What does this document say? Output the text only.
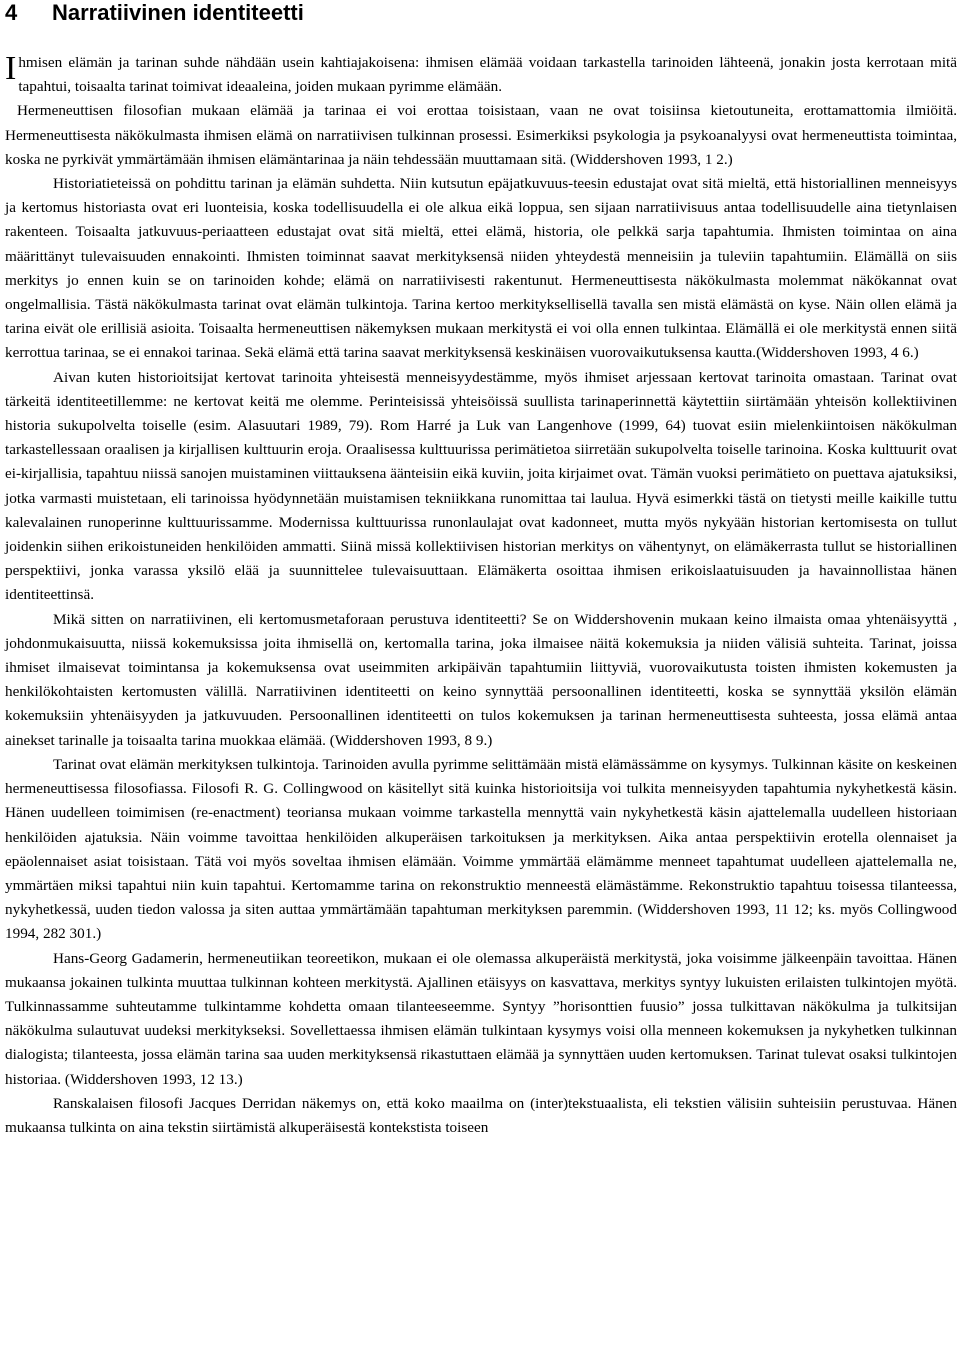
4 Narratiivinen identiteetti

Ihmisen elämän ja tarinan suhde nähdään usein kahtiajakoisena: ihmisen elämää voidaan tarkastella tarinoiden lähteenä, jonakin josta kerrotaan mitä tapahtui, toisaalta tarinat toimivat ideaaleina, joiden mukaan pyrimme elämään.

Hermeneuttisen filosofian mukaan elämää ja tarinaa ei voi erottaa toisistaan, vaan ne ovat toisiinsa kietoutuneita, erottamattomia ilmiöitä. Hermeneuttisesta näkökulmasta ihmisen elämä on narratiivisen tulkinnan prosessi. Esimerkiksi psykologia ja psykoanalyysi ovat hermeneuttista toimintaa, koska ne pyrkivät ymmärtämään ihmisen elämäntarinaa ja näin tehdessään muuttamaan sitä. (Widdershoven 1993, 1 2.)

Historiatieteissä on pohdittu tarinan ja elämän suhdetta. Niin kutsutun epäjatkuvuus-teesin edustajat ovat sitä mieltä, että historiallinen menneisyys ja kertomus historiasta ovat eri luonteisia, koska todellisuudella ei ole alkua eikä loppua, sen sijaan narratiivisuus antaa todellisuudelle aina tietynlaisen rakenteen. Toisaalta jatkuvuus-periaatteen edustajat ovat sitä mieltä, ettei elämä, historia, ole pelkkä sarja tapahtumia. Ihmisten toimintaa on aina määrittänyt tulevaisuuden ennakointi. Ihmisten toiminnat saavat merkityksensä niiden yhteydestä menneisiin ja tuleviin tapahtumiin. Elämällä on siis merkitys jo ennen kuin se on tarinoiden kohde; elämä on narratiivisesti rakentunut. Hermeneuttisesta näkökulmasta molemmat näkökannat ovat ongelmallisia. Tästä näkökulmasta tarinat ovat elämän tulkintoja. Tarina kertoo merkityksellisellä tavalla sen mistä elämästä on kyse. Näin ollen elämä ja tarina eivät ole erillisiä asioita. Toisaalta hermeneuttisen näkemyksen mukaan merkitystä ei voi olla ennen tulkintaa. Elämällä ei ole merkitystä ennen siitä kerrottua tarinaa, se ei ennakoi tarinaa. Sekä elämä että tarina saavat merkityksensä keskinäisen vuorovaikutuksensa kautta.(Widdershoven 1993, 4 6.)

Aivan kuten historioitsijat kertovat tarinoita yhteisestä menneisyydestämme, myös ihmiset arjessaan kertovat tarinoita omastaan. Tarinat ovat tärkeitä identiteetillemme: ne kertovat keitä me olemme. Perinteisissä yhteisöissä suullista tarinaperinnettä käytettiin siirtämään yhteisön kollektiivinen historia sukupolvelta toiselle (esim. Alasuutari 1989, 79). Rom Harré ja Luk van Langenhove (1999, 64) tuovat esiin mielenkiintoisen näkökulman tarkastellessaan oraalisen ja kirjallisen kulttuurin eroja. Oraalisessa kulttuurissa perimätietoa siirretään sukupolvelta toiselle tarinoina. Koska kulttuurit ovat ei-kirjallisia, tapahtuu niissä sanojen muistaminen viittauksena äänteisiin eikä kuviin, joita kirjaimet ovat. Tämän vuoksi perimätieto on puettava ajatuksiksi, jotka varmasti muistetaan, eli tarinoissa hyödynnetään muistamisen tekniikkana runomittaa tai laulua. Hyvä esimerkki tästä on tietysti meille kaikille tuttu kalevalainen runoperinne kulttuurissamme. Modernissa kulttuurissa runonlaulajat ovat kadonneet, mutta myös nykyään historian kertomisesta on tullut joidenkin siihen erikoistuneiden henkilöiden ammatti. Siinä missä kollektiivisen historian merkitys on vähentynyt, on elämäkerrasta tullut se historiallinen perspektiivi, jonka varassa yksilö elää ja suunnittelee tulevaisuuttaan. Elämäkerta osoittaa ihmisen erikoislaatuisuuden ja havainnollistaa hänen identiteettinsä.

Mikä sitten on narratiivinen, eli kertomusmetaforaan perustuva identiteetti? Se on Widdershovenin mukaan keino ilmaista omaa yhtenäisyyttä , johdonmukaisuutta, niissä kokemuksissa joita ihmisellä on, kertomalla tarina, joka ilmaisee näitä kokemuksia ja niiden välisiä suhteita. Tarinat, joissa ihmiset ilmaisevat toimintansa ja kokemuksensa ovat useimmiten arkipäivän tapahtumiin liittyviä, vuorovaikutusta toisten ihmisten kokemusten ja henkilökohtaisten kertomusten välillä. Narratiivinen identiteetti on keino synnyttää persoonallinen identiteetti, koska se synnyttää yksilön elämän kokemuksiin yhtenäisyyden ja jatkuvuuden. Persoonallinen identiteetti on tulos kokemuksen ja tarinan hermeneuttisesta suhteesta, jossa elämä antaa ainekset tarinalle ja toisaalta tarina muokkaa elämää. (Widdershoven 1993, 8 9.)

Tarinat ovat elämän merkityksen tulkintoja. Tarinoiden avulla pyrimme selittämään mistä elämässämme on kysymys. Tulkinnan käsite on keskeinen hermeneuttisessa filosofiassa. Filosofi R. G. Collingwood on käsitellyt sitä kuinka historioitsija voi tulkita menneisyyden tapahtumia nykyhetkestä käsin. Hänen uudelleen toimimisen (re-enactment) teoriansa mukaan voimme tarkastella mennyttä vain nykyhetkestä käsin ajattelemalla uudelleen historiaan henkilöiden ajatuksia. Näin voimme tavoittaa henkilöiden alkuperäisen tarkoituksen ja merkityksen. Aika antaa perspektiivin erotella olennaiset ja epäolennaiset asiat toisistaan. Tätä voi myös soveltaa ihmisen elämään. Voimme ymmärtää elämämme menneet tapahtumat uudelleen ajattelemalla ne, ymmärtäen miksi tapahtui niin kuin tapahtui. Kertomamme tarina on rekonstruktio menneestä elämästämme. Rekonstruktio tapahtuu toisessa tilanteessa, nykyhetkessä, uuden tiedon valossa ja siten auttaa ymmärtämään tapahtuman merkityksen paremmin. (Widdershoven 1993, 11 12; ks. myös Collingwood 1994, 282 301.)

Hans-Georg Gadamerin, hermeneutiikan teoreetikon, mukaan ei ole olemassa alkuperäistä merkitystä, joka voisimme jälkeenpäin tavoittaa. Hänen mukaansa jokainen tulkinta muuttaa tulkinnan kohteen merkitystä. Ajallinen etäisyys on kasvattava, merkitys syntyy lukuisten erilaisten tulkintojen myötä. Tulkinnassamme suhteutamme tulkintamme kohdetta omaan tilanteeseemme. Syntyy ”horisonttien fuusio” jossa tulkittavan näkökulma ja tulkitsijan näkökulma sulautuvat uudeksi merkitykseksi. Sovellettaessa ihmisen elämän tulkintaan kysymys voisi olla menneen kokemuksen ja nykyhetken tulkinnan dialogista; tilanteesta, jossa elämän tarina saa uuden merkityksensä rikastuttaen elämää ja synnyttäen uuden kertomuksen. Tarinat tulevat osaksi tulkintojen historiaa. (Widdershoven 1993, 12 13.)

Ranskalaisen filosofi Jacques Derridan näkemys on, että koko maailma on (inter)tekstuaalista, eli tekstien välisiin suhteisiin perustuvaa. Hänen mukaansa tulkinta on aina tekstin siirtämistä alkuperäisestä kontekstista toiseen
